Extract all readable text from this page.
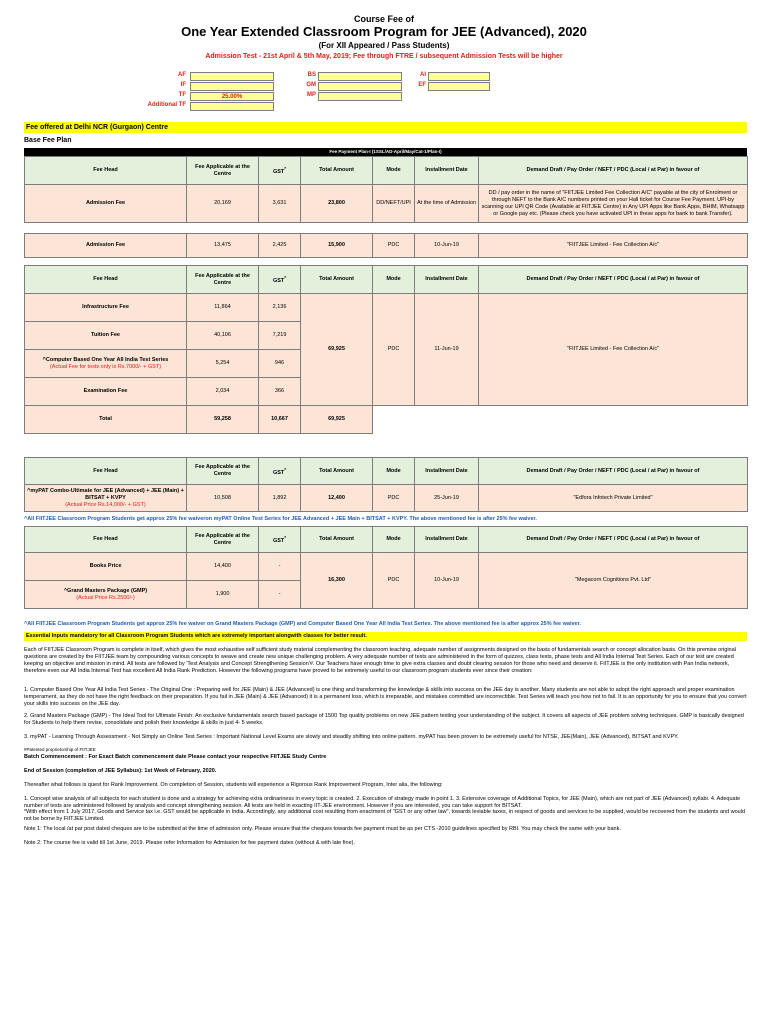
Course Fee of
One Year Extended Classroom Program for JEE (Advanced), 2020
(For XII Appeared / Pass Students)
Admission Test - 21st April & 5th May, 2019; Fee through FTRE / subsequent Admission Tests will be higher
AF
IF
TF	25.00%
Additional TF
BS
GM
MP
AI
EF
Fee offered at Delhi NCR (Gurgaon) Centre
Base Fee Plan
Fee Payment Plan-I (1SSL/AD-April/May/Cat-1/Plan-I)
Fee Head	Fee Applicable at the Centre	GST*	Total Amount	Mode	Installment Date	Demand Draft / Pay Order / NEFT / PDC (Local / at Par) in favour of
Admission Fee	20,169	3,631	23,800	DD/NEFT/UPI	At the time of Admission	DD / pay order in the name of "FIITJEE Limited Fee Collection A/C" payable at the city of Enrolment or through NEFT to the Bank A/C numbers printed on your Hall ticket for Course Fee Payment. UPI-by scanning our UPI QR Code (Available at FIITJEE Centre) in Any UPI Apps like Bank Apps, BHIM, Whatsapp or Google pay etc. (Please check you have activated UPI in these apps for bank to bank Transfer).
Admission Fee	13,475	2,425	15,900	PDC	10-Jun-19	"FIITJEE Limited - Fee Collection A/c"
Fee Head	Fee Applicable at the Centre	GST*	Total Amount	Mode	Installment Date	Demand Draft / Pay Order / NEFT / PDC (Local / at Par) in favour of
Infrastructure Fee	11,864	2,136	69,925	PDC	11-Jun-19	"FIITJEE Limited - Fee Collection A/c"
Tuition Fee	40,106	7,219				

^Computer Based One Year All India Test Series
(Actual Fee for tests only is Rs.7000/- + GST)	5,254	946				
Examination Fee	2,034	366				
Total	59,258	10,667	69,925			
Fee Head	Fee Applicable at the Centre	GST*	Total Amount	Mode	Installment Date	Demand Draft / Pay Order / NEFT / PDC (Local / at Par) in favour of

^myPAT Combo-Ultimate for JEE (Advanced) + JEE (Main) + BITSAT + KVPY
(Actual Price Rs.14,000/- + GST)	10,508	1,892	12,400	PDC	25-Jun-19	"Edfora Infotech Private Limited"
^All FIITJEE Classroom Program Students get approx 25% fee waiveron myPAT Online Test Series for JEE Advanced + JEE Main + BITSAT + KVPY. The above mentioned fee is after 25% fee waiver.
Fee Head	Fee Applicable at the Centre	GST*	Total Amount	Mode	Installment Date	Demand Draft / Pay Order / NEFT / PDC (Local / at Par) in favour of
Books Price	14,400	-	16,300	PDC	10-Jun-19	"Megacorn Cognitions Pvt. Ltd"

^Grand Masters Package (GMP)
(Actual Price Rs.2500/-)	1,900	-				
^All FIITJEE Classroom Program Students get approx 25% fee waiver on Grand Masters Package (GMP) and Computer Based One Year All India Test Series. The above mentioned fee is after approx 25% fee waiver.
Essential Inputs mandatory for all Classroom Program Students which are extremely important alongwith classes for better result.
Each of FIITJEE Classroom Program is complete in itself, which gives the most exhaustive self sufficient study material complementing the classroom teaching, adequate number of assignments designed on the basis of fundamentals search or concept allocation basis. On this premise original questions are created by the FIITJEE team by compounding various concepts to weave and create new unique challenging problem. A very adequate number of tests are administered in the form of quizzes, class tests, phase tests and All India Internal Test Series. Each of our test are created keeping an objective and mission in mind. All tests are followed by 'Test Analysis and Concept Strengthening Session'#. Our Teachers have enough time to give extra classes and doubt clearing session for those who need and deserve it. FIITJEE is the only institution with Pan India network, therefore even our All India Internal Test has excellent All India Rank Prediction. However the following programs have proved to be extremely useful to our classroom program students ever since their creation:
1. Computer Based One Year All India Test Series - The Original One : Preparing well for JEE (Main) & JEE (Advanced) is one thing and transforming the knowledge & skills into success on the JEE day is another. Many students are not able to adopt the right approach and proper examination temperament, as they do not have the right feedback on their preparation. If you fail in JEE (Main) & JEE (Advanced) it is a permanent loss, which is irreparable, and mistakes committed are incorrectible. Test Series will teach you how not to fail. It is an opportunity for you to ensure that you convert your skills into success on the JEE day.
2. Grand Masters Package (GMP) - The Ideal Tool for Ultimate Finish: An exclusive fundamentals search based package of 1500 Top quality problems on new JEE pattern testing your understanding of the subject. It covers all aspects of JEE problem solving techniques. GMP is basically designed for Students to help them revise, consolidate and polish their knowledge & skills in just 4- 5 weeks.
3. myPAT - Learning Through Assessment - Not Simply an Online Test Series : Important National Level Exams are slowly and steadily shifting into online pattern. myPAT has been proven to be extremely useful for NTSE, JEE(Main), JEE (Advanced), BITSAT and KVPY.
#Patented proprietorship of FIITJEE
Batch Commencement : For Exact Batch commencement date Please contact your respective FIITJEE Study Centre
End of Session (completion of JEE Syllabus): 1st Week of February, 2020.
Thereafter what follows is quest for Rank Improvement. On completion of Session, students will experience a Rigorous Rank Improvement Program, Inter alia, the following:
1. Concept wise analysis of all subjects for each student is done and a strategy for achieving extra ordinariness in every topic is created. 2. Execution of strategy made in point 1. 3. Extensive coverage of Additional Topics, for JEE (Main), which are not part of JEE (Advanced) syllabi. 4. Adequate number of tests are administered followed by analysis and concept strengthening session. All tests are held in exacting IIT-JEE environment. However if you are interested, you can take support for BITSAT.
*With effect from 1 July 2017, Goods and Service tax i.e. GST would be applicable in India. Accordingly, any additional cost resulting from enactment of "GST or any other law", towards leviable taxes, in respect of goods and services to be supplied, would be recovered from the students and would not be borne by FIITJEE Limited.
Note 1: The local /at par post dated cheques are to be submitted at the time of admission only. Please ensure that the cheques towards fee payment must be as per CTS -2010 guidelines specified by RBI. You may check the same with your bank.
Note 2: The course fee is valid till 1st June, 2019. Please refer Information for Admission for fee payment dates (without & with late fine).
